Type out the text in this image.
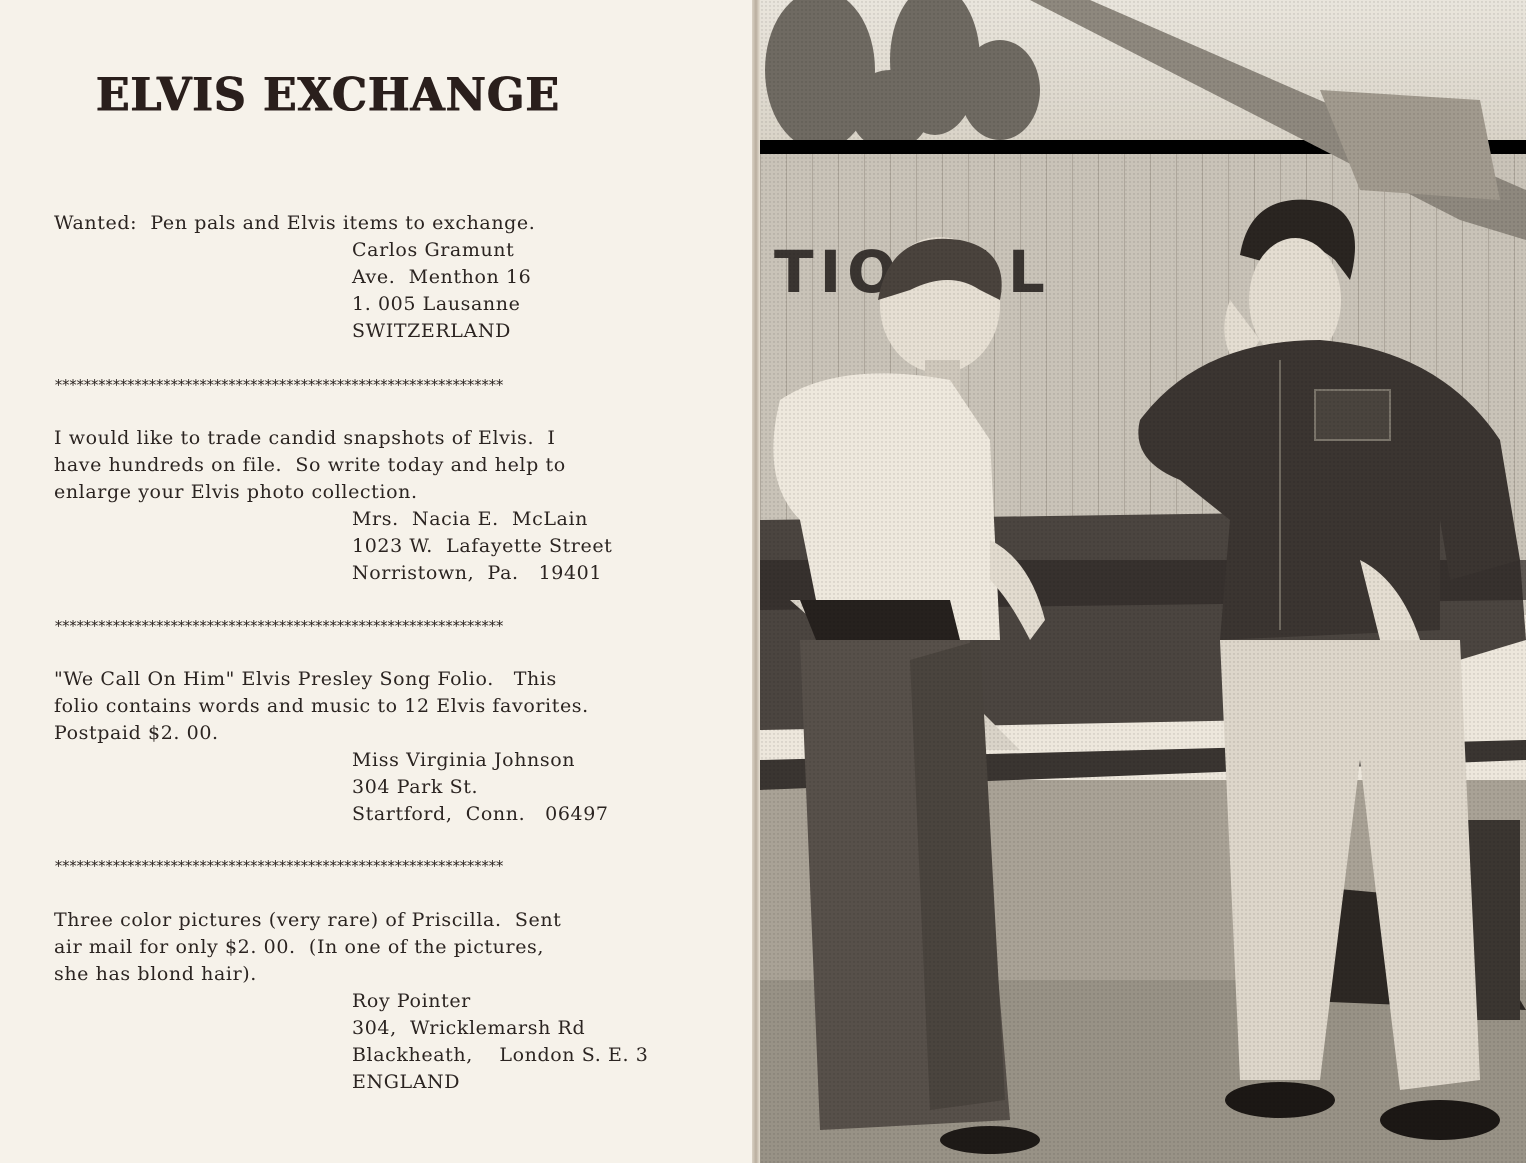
ELVIS EXCHANGE

Wanted:  Pen pals and Elvis items to exchange.

Carlos Gramunt

Ave.  Menthon 16

1. 005 Lausanne

SWITZERLAND

**************************************************************

I would like to trade candid snapshots of Elvis.  I

have hundreds on file.  So write today and help to

enlarge your Elvis photo collection.

Mrs.  Nacia E.  McLain

1023 W.  Lafayette Street

Norristown,  Pa.   19401

**************************************************************

"We Call On Him" Elvis Presley Song Folio.   This

folio contains words and music to 12 Elvis favorites.

Postpaid $2. 00.

Miss Virginia Johnson

304 Park St.

Startford,  Conn.   06497

**************************************************************

Three color pictures (very rare) of Priscilla.  Sent

air mail for only $2. 00.  (In one of the pictures,

she has blond hair).

Roy Pointer

304,  Wricklemarsh Rd

Blackheath,    London S. E. 3

ENGLAND
